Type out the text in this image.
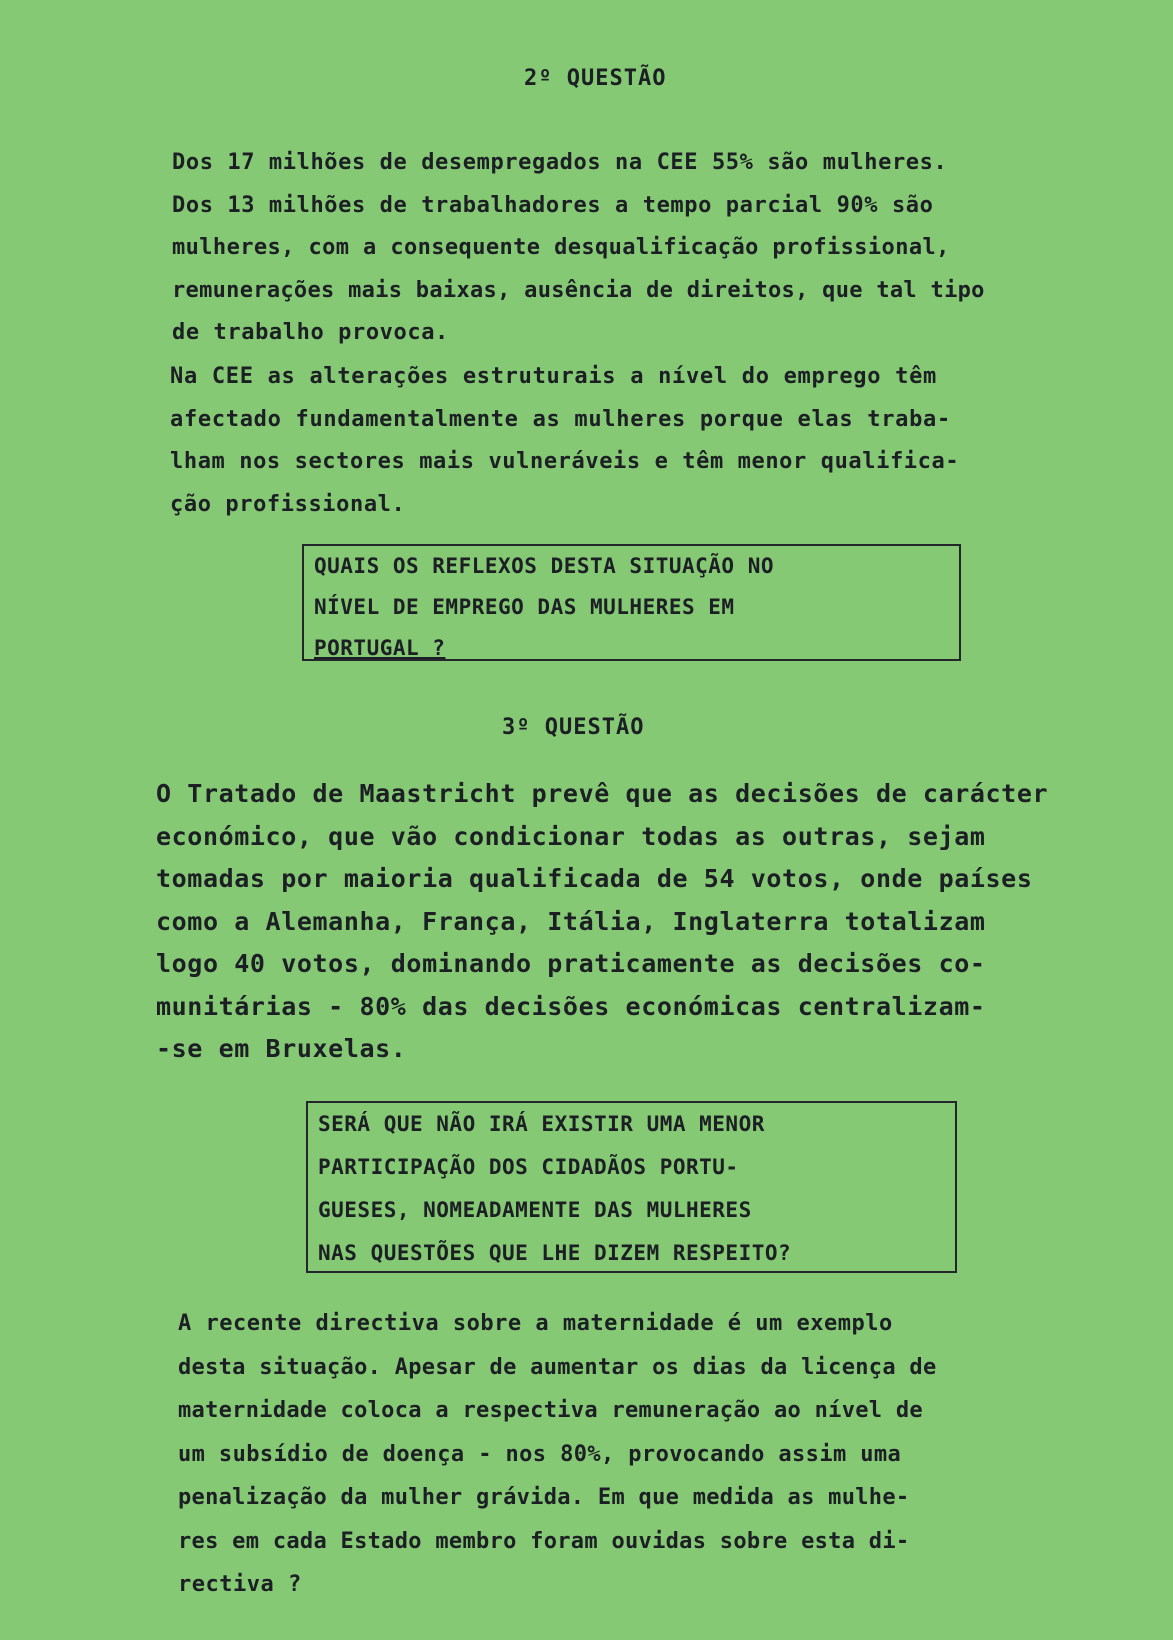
2º QUESTÃO
Dos 17 milhões de desempregados na CEE 55% são mulheres.
Dos 13 milhões de trabalhadores a tempo parcial 90% são
mulheres, com a consequente desqualificação profissional,
remunerações mais baixas, ausência de direitos, que tal tipo
de trabalho provoca.
Na CEE as alterações estruturais a nível do emprego têm
afectado fundamentalmente as mulheres porque elas traba-
lham nos sectores mais vulneráveis e têm menor qualifica-
ção profissional.
QUAIS OS REFLEXOS DESTA SITUAÇÃO NO
NÍVEL DE EMPREGO DAS MULHERES EM
PORTUGAL ?
3º QUESTÃO
O Tratado de Maastricht prevê que as decisões de carácter
económico, que vão condicionar todas as outras, sejam
tomadas por maioria qualificada de 54 votos, onde países
como a Alemanha, França, Itália, Inglaterra totalizam
logo 40 votos, dominando praticamente as decisões co-
munitárias - 80% das decisões económicas centralizam-
-se em Bruxelas.
SERÁ QUE NÃO IRÁ EXISTIR UMA MENOR
PARTICIPAÇÃO DOS CIDADÃOS PORTU-
GUESES, NOMEADAMENTE DAS MULHERES
NAS QUESTÕES QUE LHE DIZEM RESPEITO?
A recente directiva sobre a maternidade é um exemplo
desta situação. Apesar de aumentar os dias da licença de
maternidade coloca a respectiva remuneração ao nível de
um subsídio de doença - nos 80%, provocando assim uma
penalização da mulher grávida. Em que medida as mulhe-
res em cada Estado membro foram ouvidas sobre esta di-
rectiva ?
